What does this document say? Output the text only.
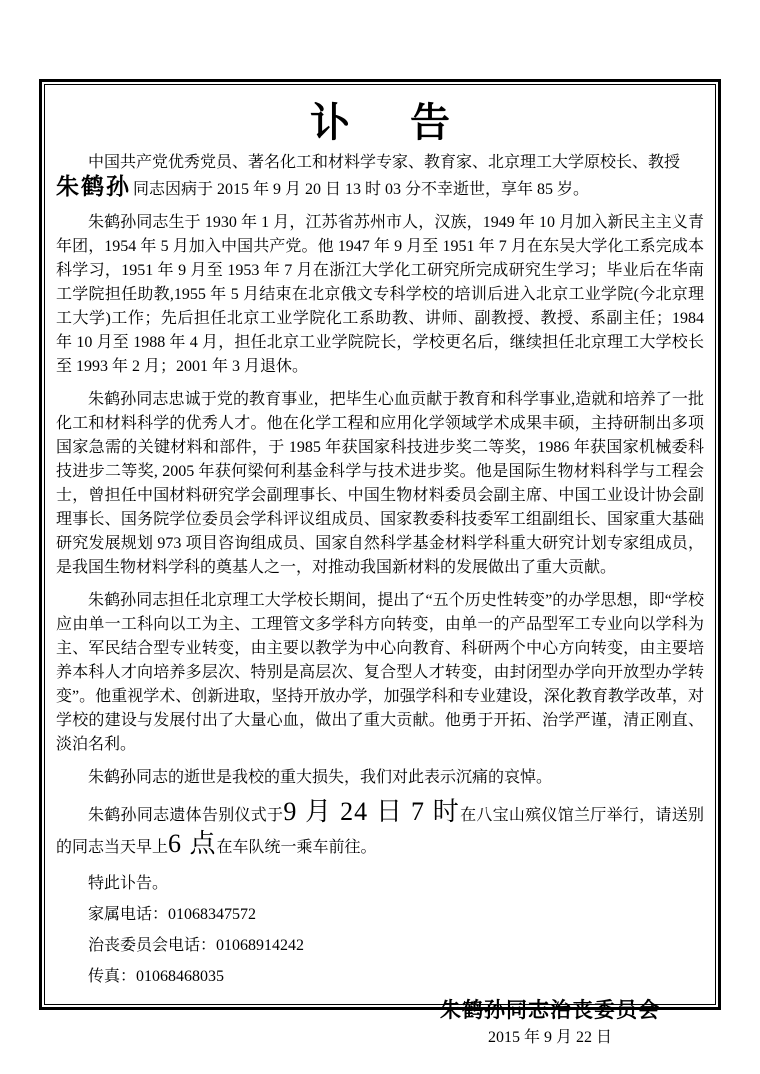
讣　告

中国共产党优秀党员、著名化工和材料学专家、教育家、北京理工大学原校长、教授
朱鹤孙 同志因病于 2015 年 9 月 20 日 13 时 03 分不幸逝世，享年 85 岁。

朱鹤孙同志生于 1930 年 1 月，江苏省苏州市人，汉族，1949 年 10 月加入新民主主义青年团，1954 年 5 月加入中国共产党。他 1947 年 9 月至 1951 年 7 月在东吴大学化工系完成本科学习，1951 年 9 月至 1953 年 7 月在浙江大学化工研究所完成研究生学习；毕业后在华南工学院担任助教,1955 年 5 月结束在北京俄文专科学校的培训后进入北京工业学院(今北京理工大学)工作；先后担任北京工业学院化工系助教、讲师、副教授、教授、系副主任；1984 年 10 月至 1988 年 4 月，担任北京工业学院院长，学校更名后，继续担任北京理工大学校长至 1993 年 2 月；2001 年 3 月退休。

朱鹤孙同志忠诚于党的教育事业，把毕生心血贡献于教育和科学事业,造就和培养了一批化工和材料科学的优秀人才。他在化学工程和应用化学领域学术成果丰硕，主持研制出多项国家急需的关键材料和部件，于 1985 年获国家科技进步奖二等奖，1986 年获国家机械委科技进步二等奖, 2005 年获何梁何利基金科学与技术进步奖。他是国际生物材料科学与工程会士，曾担任中国材料研究学会副理事长、中国生物材料委员会副主席、中国工业设计协会副理事长、国务院学位委员会学科评议组成员、国家教委科技委军工组副组长、国家重大基础研究发展规划 973 项目咨询组成员、国家自然科学基金材料学科重大研究计划专家组成员，是我国生物材料学科的奠基人之一，对推动我国新材料的发展做出了重大贡献。

朱鹤孙同志担任北京理工大学校长期间，提出了“五个历史性转变”的办学思想，即“学校应由单一工科向以工为主、工理管文多学科方向转变，由单一的产品型军工专业向以学科为主、军民结合型专业转变，由主要以教学为中心向教育、科研两个中心方向转变，由主要培养本科人才向培养多层次、特别是高层次、复合型人才转变，由封闭型办学向开放型办学转变”。他重视学术、创新进取，坚持开放办学，加强学科和专业建设，深化教育教学改革，对学校的建设与发展付出了大量心血，做出了重大贡献。他勇于开拓、治学严谨，清正刚直、淡泊名利。

朱鹤孙同志的逝世是我校的重大损失，我们对此表示沉痛的哀悼。

朱鹤孙同志遗体告别仪式于9 月 24 日 7 时在八宝山殡仪馆兰厅举行，请送别的同志当天早上6 点在车队统一乘车前往。

特此讣告。

家属电话：01068347572

治丧委员会电话：01068914242

传真：01068468035

朱鹤孙同志治丧委员会
2015 年 9 月 22 日
